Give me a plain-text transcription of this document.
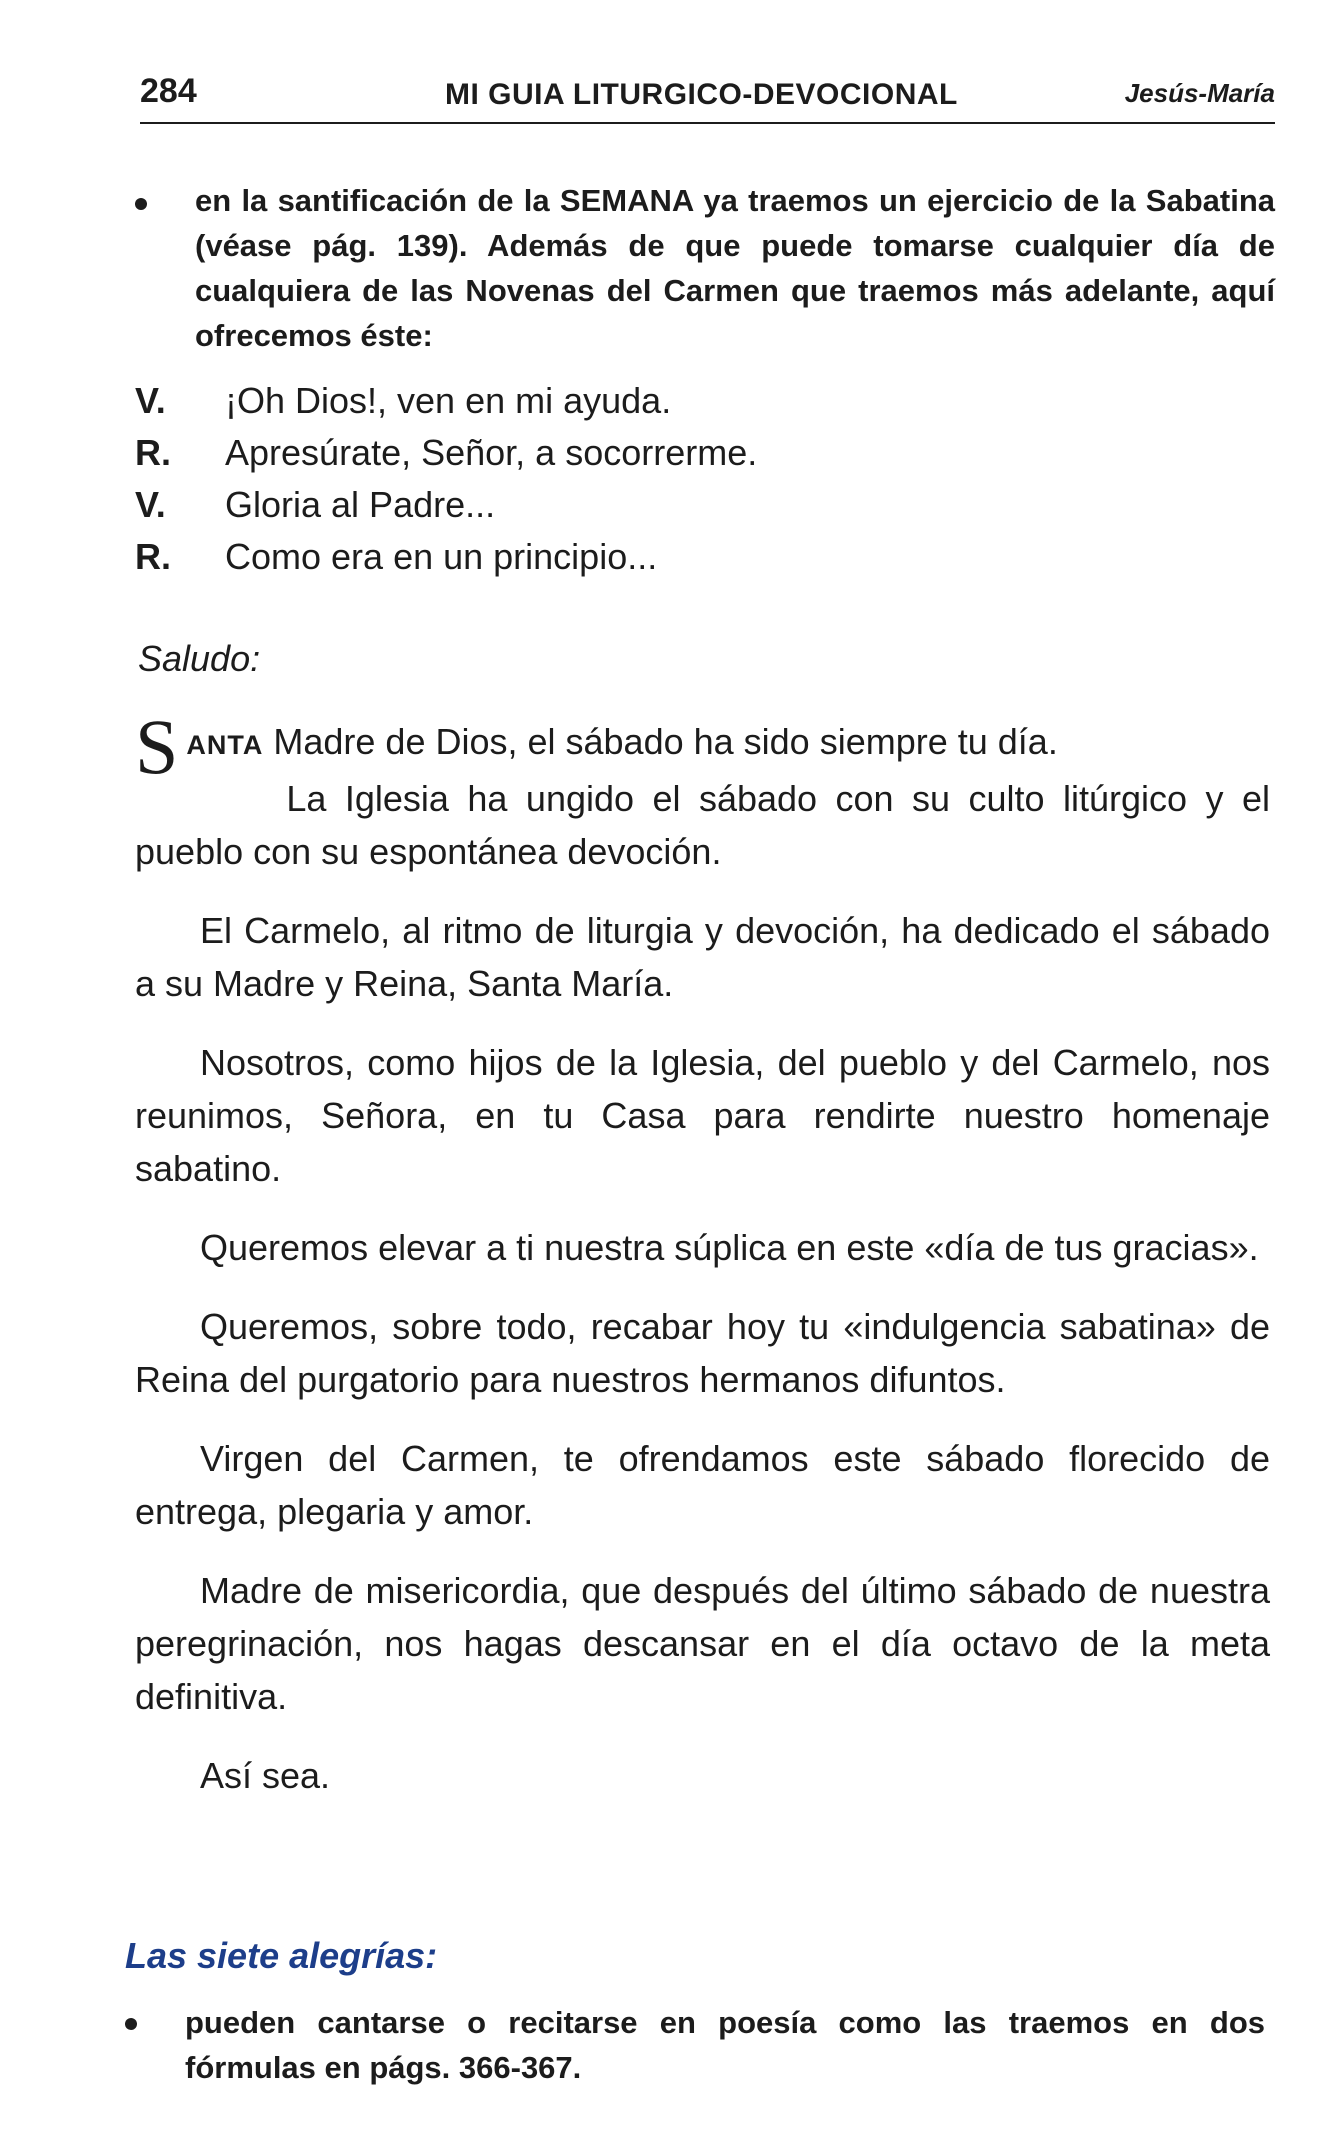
284	MI GUIA LITURGICO-DEVOCIONAL	Jesús-María
en la santificación de la SEMANA ya traemos un ejercicio de la Sabatina (véase pág. 139). Además de que puede tomarse cualquier día de cualquiera de las Novenas del Carmen que traemos más adelante, aquí ofrecemos éste:
V. ¡Oh Dios!, ven en mi ayuda.
R. Apresúrate, Señor, a socorrerme.
V. Gloria al Padre...
R. Como era en un principio...
Saludo:

SANTA Madre de Dios, el sábado ha sido siempre tu día.
La Iglesia ha ungido el sábado con su culto litúrgico y el pueblo con su espontánea devoción.

El Carmelo, al ritmo de liturgia y devoción, ha dedicado el sábado a su Madre y Reina, Santa María.

Nosotros, como hijos de la Iglesia, del pueblo y del Carmelo, nos reunimos, Señora, en tu Casa para rendirte nuestro homenaje sabatino.

Queremos elevar a ti nuestra súplica en este «día de tus gracias».

Queremos, sobre todo, recabar hoy tu «indulgencia sabatina» de Reina del purgatorio para nuestros hermanos difuntos.

Virgen del Carmen, te ofrendamos este sábado florecido de entrega, plegaria y amor.

Madre de misericordia, que después del último sábado de nuestra peregrinación, nos hagas descansar en el día octavo de la meta definitiva.

Así sea.

Las siete alegrías:
pueden cantarse o recitarse en poesía como las traemos en dos fórmulas en págs. 366-367.
